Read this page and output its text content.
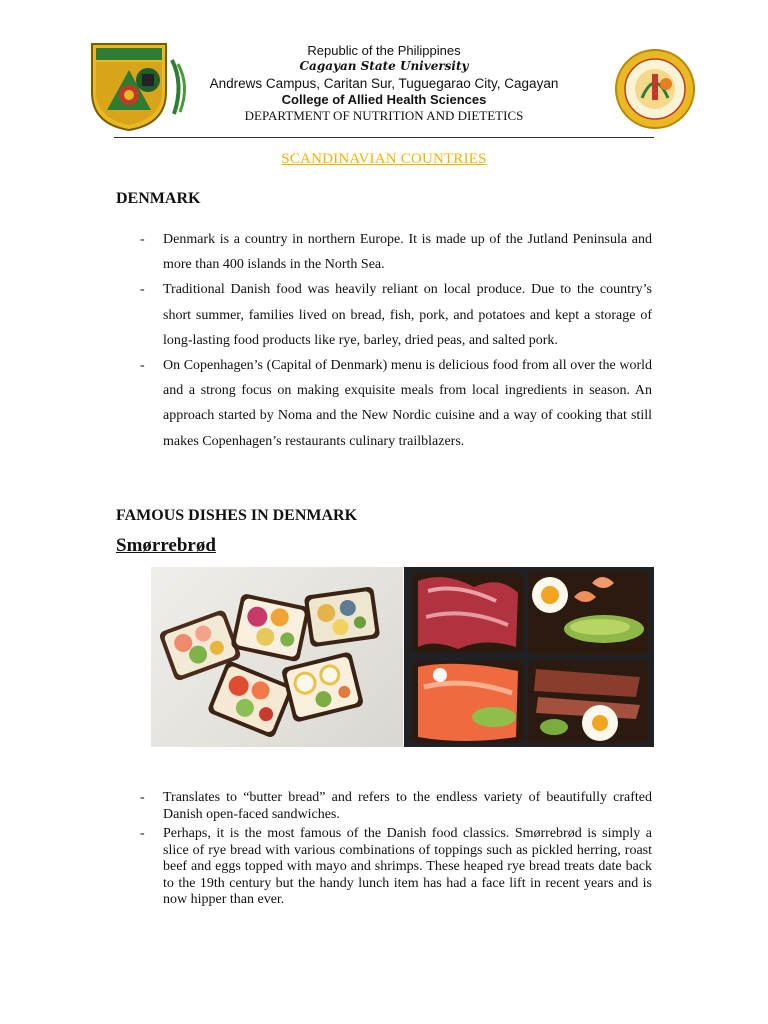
Republic of the Philippines
Cagayan State University
Andrews Campus, Caritan Sur, Tuguegarao City, Cagayan
College of Allied Health Sciences
DEPARTMENT OF NUTRITION AND DIETETICS
SCANDINAVIAN COUNTRIES
DENMARK
- Denmark is a country in northern Europe. It is made up of the Jutland Peninsula and more than 400 islands in the North Sea.
- Traditional Danish food was heavily reliant on local produce. Due to the country’s short summer, families lived on bread, fish, pork, and potatoes and kept a storage of long-lasting food products like rye, barley, dried peas, and salted pork.
- On Copenhagen’s (Capital of Denmark) menu is delicious food from all over the world and a strong focus on making exquisite meals from local ingredients in season. An approach started by Noma and the New Nordic cuisine and a way of cooking that still makes Copenhagen’s restaurants culinary trailblazers.
FAMOUS DISHES IN DENMARK
Smørrebrød
- Translates to “butter bread” and refers to the endless variety of beautifully crafted Danish open-faced sandwiches.
- Perhaps, it is the most famous of the Danish food classics. Smørrebrød is simply a slice of rye bread with various combinations of toppings such as pickled herring, roast beef and eggs topped with mayo and shrimps. These heaped rye bread treats date back to the 19th century but the handy lunch item has had a face lift in recent years and is now hipper than ever.
